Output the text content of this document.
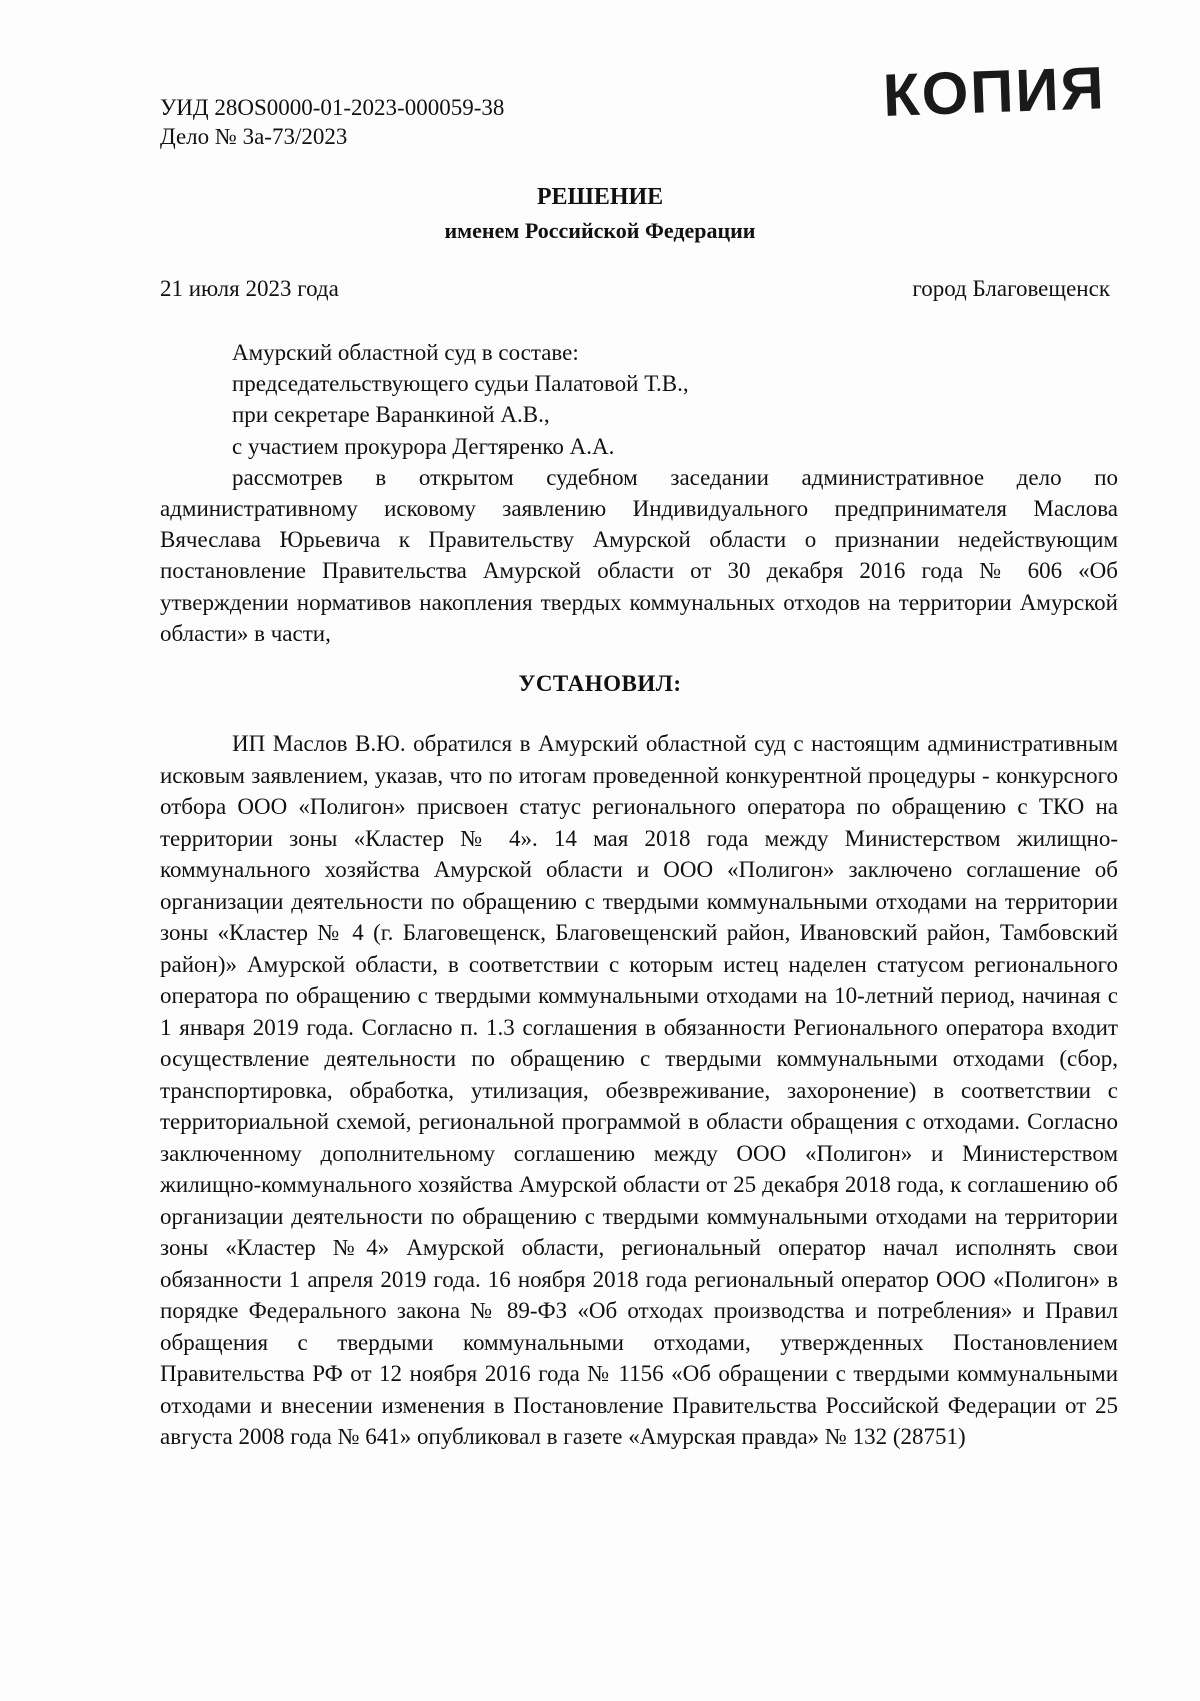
КОПИЯ
УИД 28OS0000-01-2023-000059-38
Дело № 3а-73/2023
РЕШЕНИЕ
именем Российской Федерации
21 июля 2023 года	город Благовещенск

Амурский областной суд в составе:

председательствующего судьи Палатовой Т.В.,

при секретаре Варанкиной А.В.,

с участием прокурора Дегтяренко А.А.

рассмотрев в открытом судебном заседании административное дело по административному исковому заявлению Индивидуального предпринимателя Маслова Вячеслава Юрьевича к Правительству Амурской области о признании недействующим постановление Правительства Амурской области от 30 декабря 2016 года № 606 «Об утверждении нормативов накопления твердых коммунальных отходов на территории Амурской области» в части,

УСТАНОВИЛ:

ИП Маслов В.Ю. обратился в Амурский областной суд с настоящим административным исковым заявлением, указав, что по итогам проведенной конкурентной процедуры - конкурсного отбора ООО «Полигон» присвоен статус регионального оператора по обращению с ТКО на территории зоны «Кластер № 4». 14 мая 2018 года между Министерством жилищно-коммунального хозяйства Амурской области и ООО «Полигон» заключено соглашение об организации деятельности по обращению с твердыми коммунальными отходами на территории зоны «Кластер № 4 (г. Благовещенск, Благовещенский район, Ивановский район, Тамбовский район)» Амурской области, в соответствии с которым истец наделен статусом регионального оператора по обращению с твердыми коммунальными отходами на 10-летний период, начиная с 1 января 2019 года. Согласно п. 1.3 соглашения в обязанности Регионального оператора входит осуществление деятельности по обращению с твердыми коммунальными отходами (сбор, транспортировка, обработка, утилизация, обезвреживание, захоронение) в соответствии с территориальной схемой, региональной программой в области обращения с отходами. Согласно заключенному дополнительному соглашению между ООО «Полигон» и Министерством жилищно-коммунального хозяйства Амурской области от 25 декабря 2018 года, к соглашению об организации деятельности по обращению с твердыми коммунальными отходами на территории зоны «Кластер №4» Амурской области, региональный оператор начал исполнять свои обязанности 1 апреля 2019 года. 16 ноября 2018 года региональный оператор ООО «Полигон» в порядке Федерального закона № 89-ФЗ «Об отходах производства и потребления» и Правил обращения с твердыми коммунальными отходами, утвержденных Постановлением Правительства РФ от 12 ноября 2016 года № 1156 «Об обращении с твердыми коммунальными отходами и внесении изменения в Постановление Правительства Российской Федерации от 25 августа 2008 года № 641» опубликовал в газете «Амурская правда» № 132 (28751)
